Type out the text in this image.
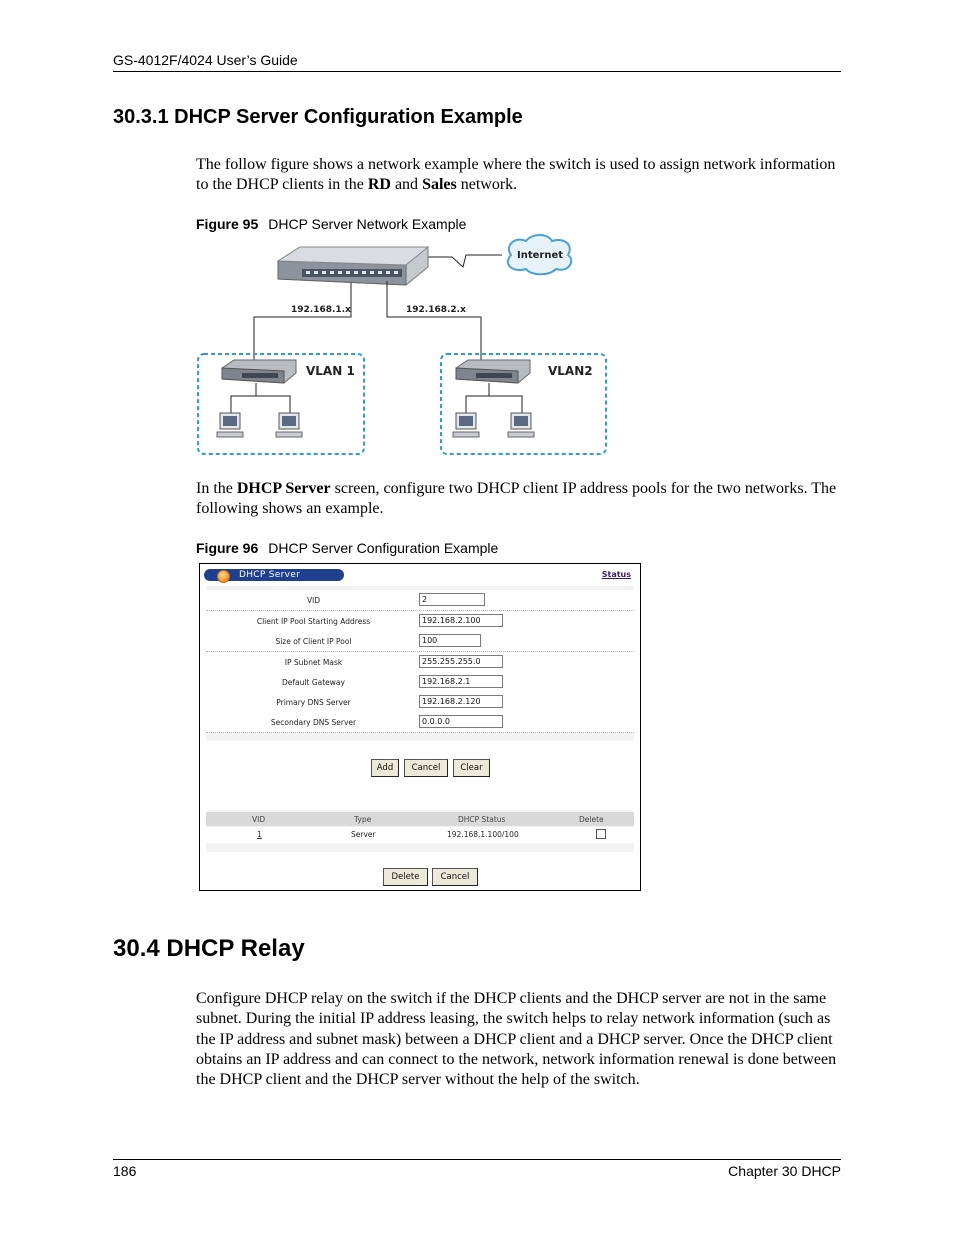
GS-4012F/4024 User’s Guide
30.3.1 DHCP Server Configuration Example
The follow figure shows a network example where the switch is used to assign network information to the DHCP clients in the RD and Sales network.
Figure 95 DHCP Server Network Example
Internet
192.168.1.x	192.168.2.x
VLAN 1	VLAN2
In the DHCP Server screen, configure two DHCP client IP address pools for the two networks. The following shows an example.
Figure 96 DHCP Server Configuration Example
DHCP Server	Status
VID	2
Client IP Pool Starting Address	192.168.2.100
Size of Client IP Pool	100
IP Subnet Mask	255.255.255.0
Default Gateway	192.168.2.1
Primary DNS Server	192.168.2.120
Secondary DNS Server	0.0.0.0
Add	Cancel	Clear
VID	Type	DHCP Status	Delete
1	Server	192.168.1.100/100
Delete	Cancel
30.4 DHCP Relay
Configure DHCP relay on the switch if the DHCP clients and the DHCP server are not in the same subnet. During the initial IP address leasing, the switch helps to relay network information (such as the IP address and subnet mask) between a DHCP client and a DHCP server. Once the DHCP client obtains an IP address and can connect to the network, network information renewal is done between the DHCP client and the DHCP server without the help of the switch.
186	Chapter 30 DHCP
